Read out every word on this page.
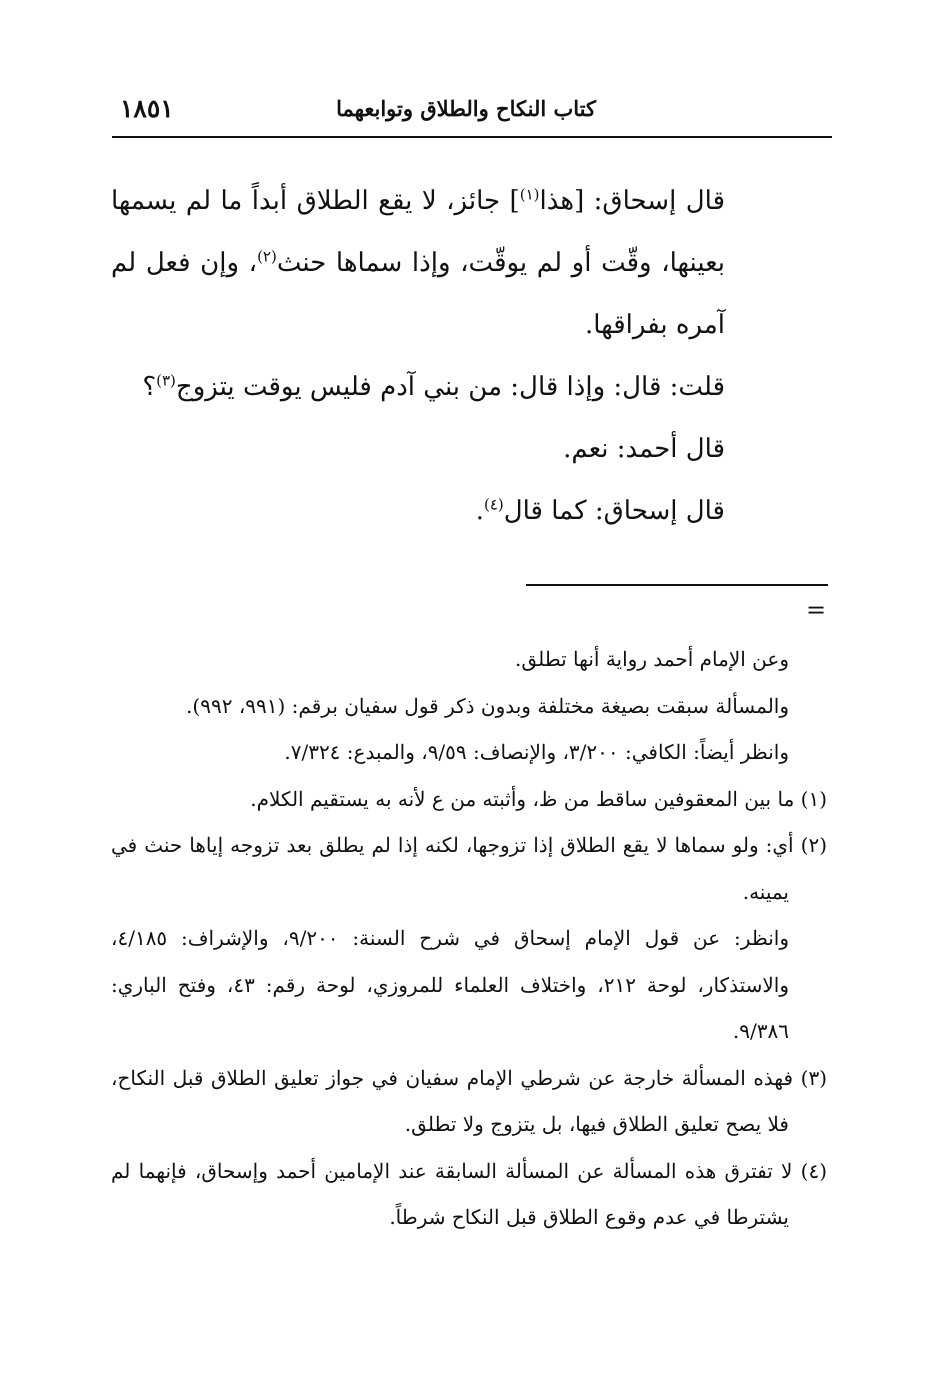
كتاب النكاح والطلاق وتوابعهما
١٨٥١

قال إسحاق: [هذا$^{(١)}$] جائز، لا يقع الطلاق أبداً ما لم يسمها بعينها، وقّت أو لم يوقّت، وإذا سماها حنث$^{(٢)}$، وإن فعل لم آمره بفراقها.

قلت: قال: وإذا قال: من بني آدم فليس يوقت يتزوج$^{(٣)}$؟

قال أحمد: نعم.

قال إسحاق: كما قال$^{(٤)}$.

=

وعن الإمام أحمد رواية أنها تطلق.

والمسألة سبقت بصيغة مختلفة وبدون ذكر قول سفيان برقم: (٩٩١، ٩٩٢).

وانظر أيضاً: الكافي: ٣/٢٠٠، والإنصاف: ٩/٥٩، والمبدع: ٧/٣٢٤.

(١) ما بين المعقوفين ساقط من ظ، وأثبته من ع لأنه به يستقيم الكلام.

(٢) أي: ولو سماها لا يقع الطلاق إذا تزوجها، لكنه إذا لم يطلق بعد تزوجه إياها حنث في يمينه.

وانظر: عن قول الإمام إسحاق في شرح السنة: ٩/٢٠٠، والإشراف: ٤/١٨٥، والاستذكار، لوحة ٢١٢، واختلاف العلماء للمروزي، لوحة رقم: ٤٣، وفتح الباري: ٩/٣٨٦.

(٣) فهذه المسألة خارجة عن شرطي الإمام سفيان في جواز تعليق الطلاق قبل النكاح، فلا يصح تعليق الطلاق فيها، بل يتزوج ولا تطلق.

(٤) لا تفترق هذه المسألة عن المسألة السابقة عند الإمامين أحمد وإسحاق، فإنهما لم يشترطا في عدم وقوع الطلاق قبل النكاح شرطاً.
